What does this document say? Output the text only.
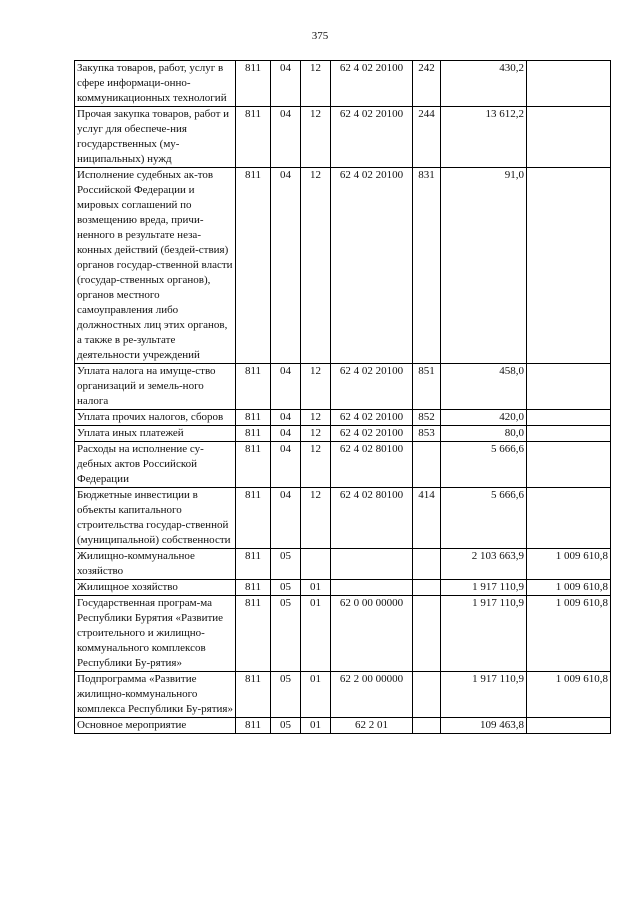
375
Закупка товаров, работ, услуг в сфере информаци-онно-коммуникационных технологий	811	04	12	62 4 02 20100	242	430,2	
Прочая закупка товаров, работ и услуг для обеспече-ния государственных (му-ниципальных) нужд	811	04	12	62 4 02 20100	244	13 612,2	
Исполнение судебных ак-тов Российской Федерации и мировых соглашений по возмещению вреда, причи-ненного в результате неза-конных действий (бездей-ствия) органов государ-ственной власти (государ-ственных органов), органов местного самоуправления либо должностных лиц этих органов, а также в ре-зультате деятельности учреждений	811	04	12	62 4 02 20100	831	91,0	
Уплата налога на имуще-ство организаций и земель-ного налога	811	04	12	62 4 02 20100	851	458,0	
Уплата прочих налогов, сборов	811	04	12	62 4 02 20100	852	420,0	
Уплата иных платежей	811	04	12	62 4 02 20100	853	80,0	
Расходы на исполнение су-дебных актов Российской Федерации	811	04	12	62 4 02 80100		5 666,6	
Бюджетные инвестиции в объекты капитального строительства государ-ственной (муниципальной) собственности	811	04	12	62 4 02 80100	414	5 666,6	
Жилищно-коммунальное хозяйство	811	05				2 103 663,9	1 009 610,8
Жилищное хозяйство	811	05	01			1 917 110,9	1 009 610,8
Государственная програм-ма Республики Бурятия «Развитие строительного и жилищно-коммунального комплексов Республики Бу-рятия»	811	05	01	62 0 00 00000		1 917 110,9	1 009 610,8
Подпрограмма «Развитие жилищно-коммунального комплекса Республики Бу-рятия»	811	05	01	62 2 00 00000		1 917 110,9	1 009 610,8
Основное мероприятие	811	05	01	62 2 01		109 463,8	
